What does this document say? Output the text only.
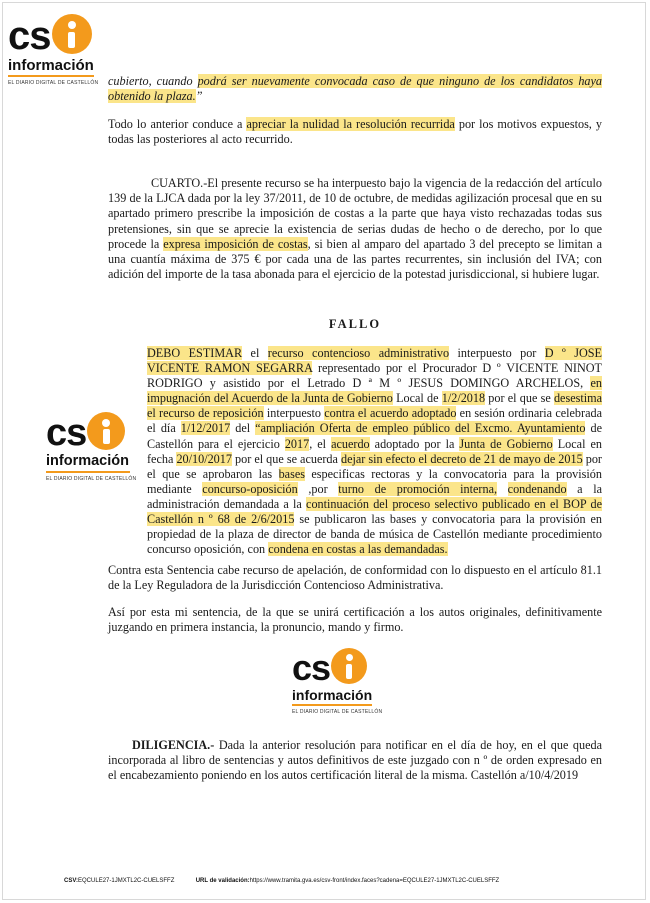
cs
información
EL DIARIO DIGITAL DE CASTELLÓN
cs
información
EL DIARIO DIGITAL DE CASTELLÓN
cs
información
EL DIARIO DIGITAL DE CASTELLÓN

cubierto, cuando podrá ser nuevamente convocada caso de que ninguno de los candidatos haya obtenido la plaza.”

Todo lo anterior conduce a apreciar la nulidad la resolución recurrida por los motivos expuestos, y todas las posteriores al acto recurrido.

CUARTO.-El presente recurso se ha interpuesto bajo la vigencia de la redacción del artículo 139 de la LJCA dada por la ley 37/2011, de 10 de octubre, de medidas agilización procesal que en su apartado primero prescribe la imposición de costas a la parte que haya visto rechazadas todas sus pretensiones, sin que se aprecie la existencia de serias dudas de hecho o de derecho, por lo que procede la expresa imposición de costas, si bien al amparo del apartado 3 del precepto se limitan a una cuantía máxima de 375 € por cada una de las partes recurrentes, sin inclusión del IVA; con adición del importe de la tasa abonada para el ejercicio de la potestad jurisdiccional, si hubiere lugar.

FALLO

DEBO ESTIMAR el recurso contencioso administrativo interpuesto por D º JOSE VICENTE RAMON SEGARRA representado por el Procurador D º VICENTE NINOT RODRIGO y asistido por el Letrado D ª M º JESUS DOMINGO ARCHELOS, en impugnación del Acuerdo de la Junta de Gobierno Local de 1/2/2018 por el que se desestima el recurso de reposición interpuesto contra el acuerdo adoptado en sesión ordinaria celebrada el día 1/12/2017 del “ampliación Oferta de empleo público del Excmo. Ayuntamiento de Castellón para el ejercicio 2017, el acuerdo adoptado por la Junta de Gobierno Local en fecha 20/10/2017 por el que se acuerda dejar sin efecto el decreto de 21 de mayo de 2015 por el que se aprobaron las bases especificas rectoras y la convocatoria para la provisión mediante concurso-oposición ,por turno de promoción interna, condenando a la administración demandada a la continuación del proceso selectivo publicado en el BOP de Castellón n º 68 de 2/6/2015 se publicaron las bases y convocatoria para la provisión en propiedad de la plaza de director de banda de música de Castellón mediante procedimiento concurso oposición, con condena en costas a las demandadas.

Contra esta Sentencia cabe recurso de apelación, de conformidad con lo dispuesto en el artículo 81.1 de la Ley Reguladora de la Jurisdicción Contencioso Administrativa.

Así por esta mi sentencia, de la que se unirá certificación a los autos originales, definitivamente juzgando en primera instancia, la pronuncio, mando y firmo.

DILIGENCIA.- Dada la anterior resolución para notificar en el día de hoy, en el que queda incorporada al libro de sentencias y autos definitivos de este juzgado con n º de orden expresado en el encabezamiento poniendo en los autos certificación literal de la misma. Castellón a/10/4/2019

CSV:EQCULE27-1JMXTL2C-CUELSFFZ	URL de validación:https://www.tramita.gva.es/csv-front/index.faces?cadena=EQCULE27-1JMXTL2C-CUELSFFZ
